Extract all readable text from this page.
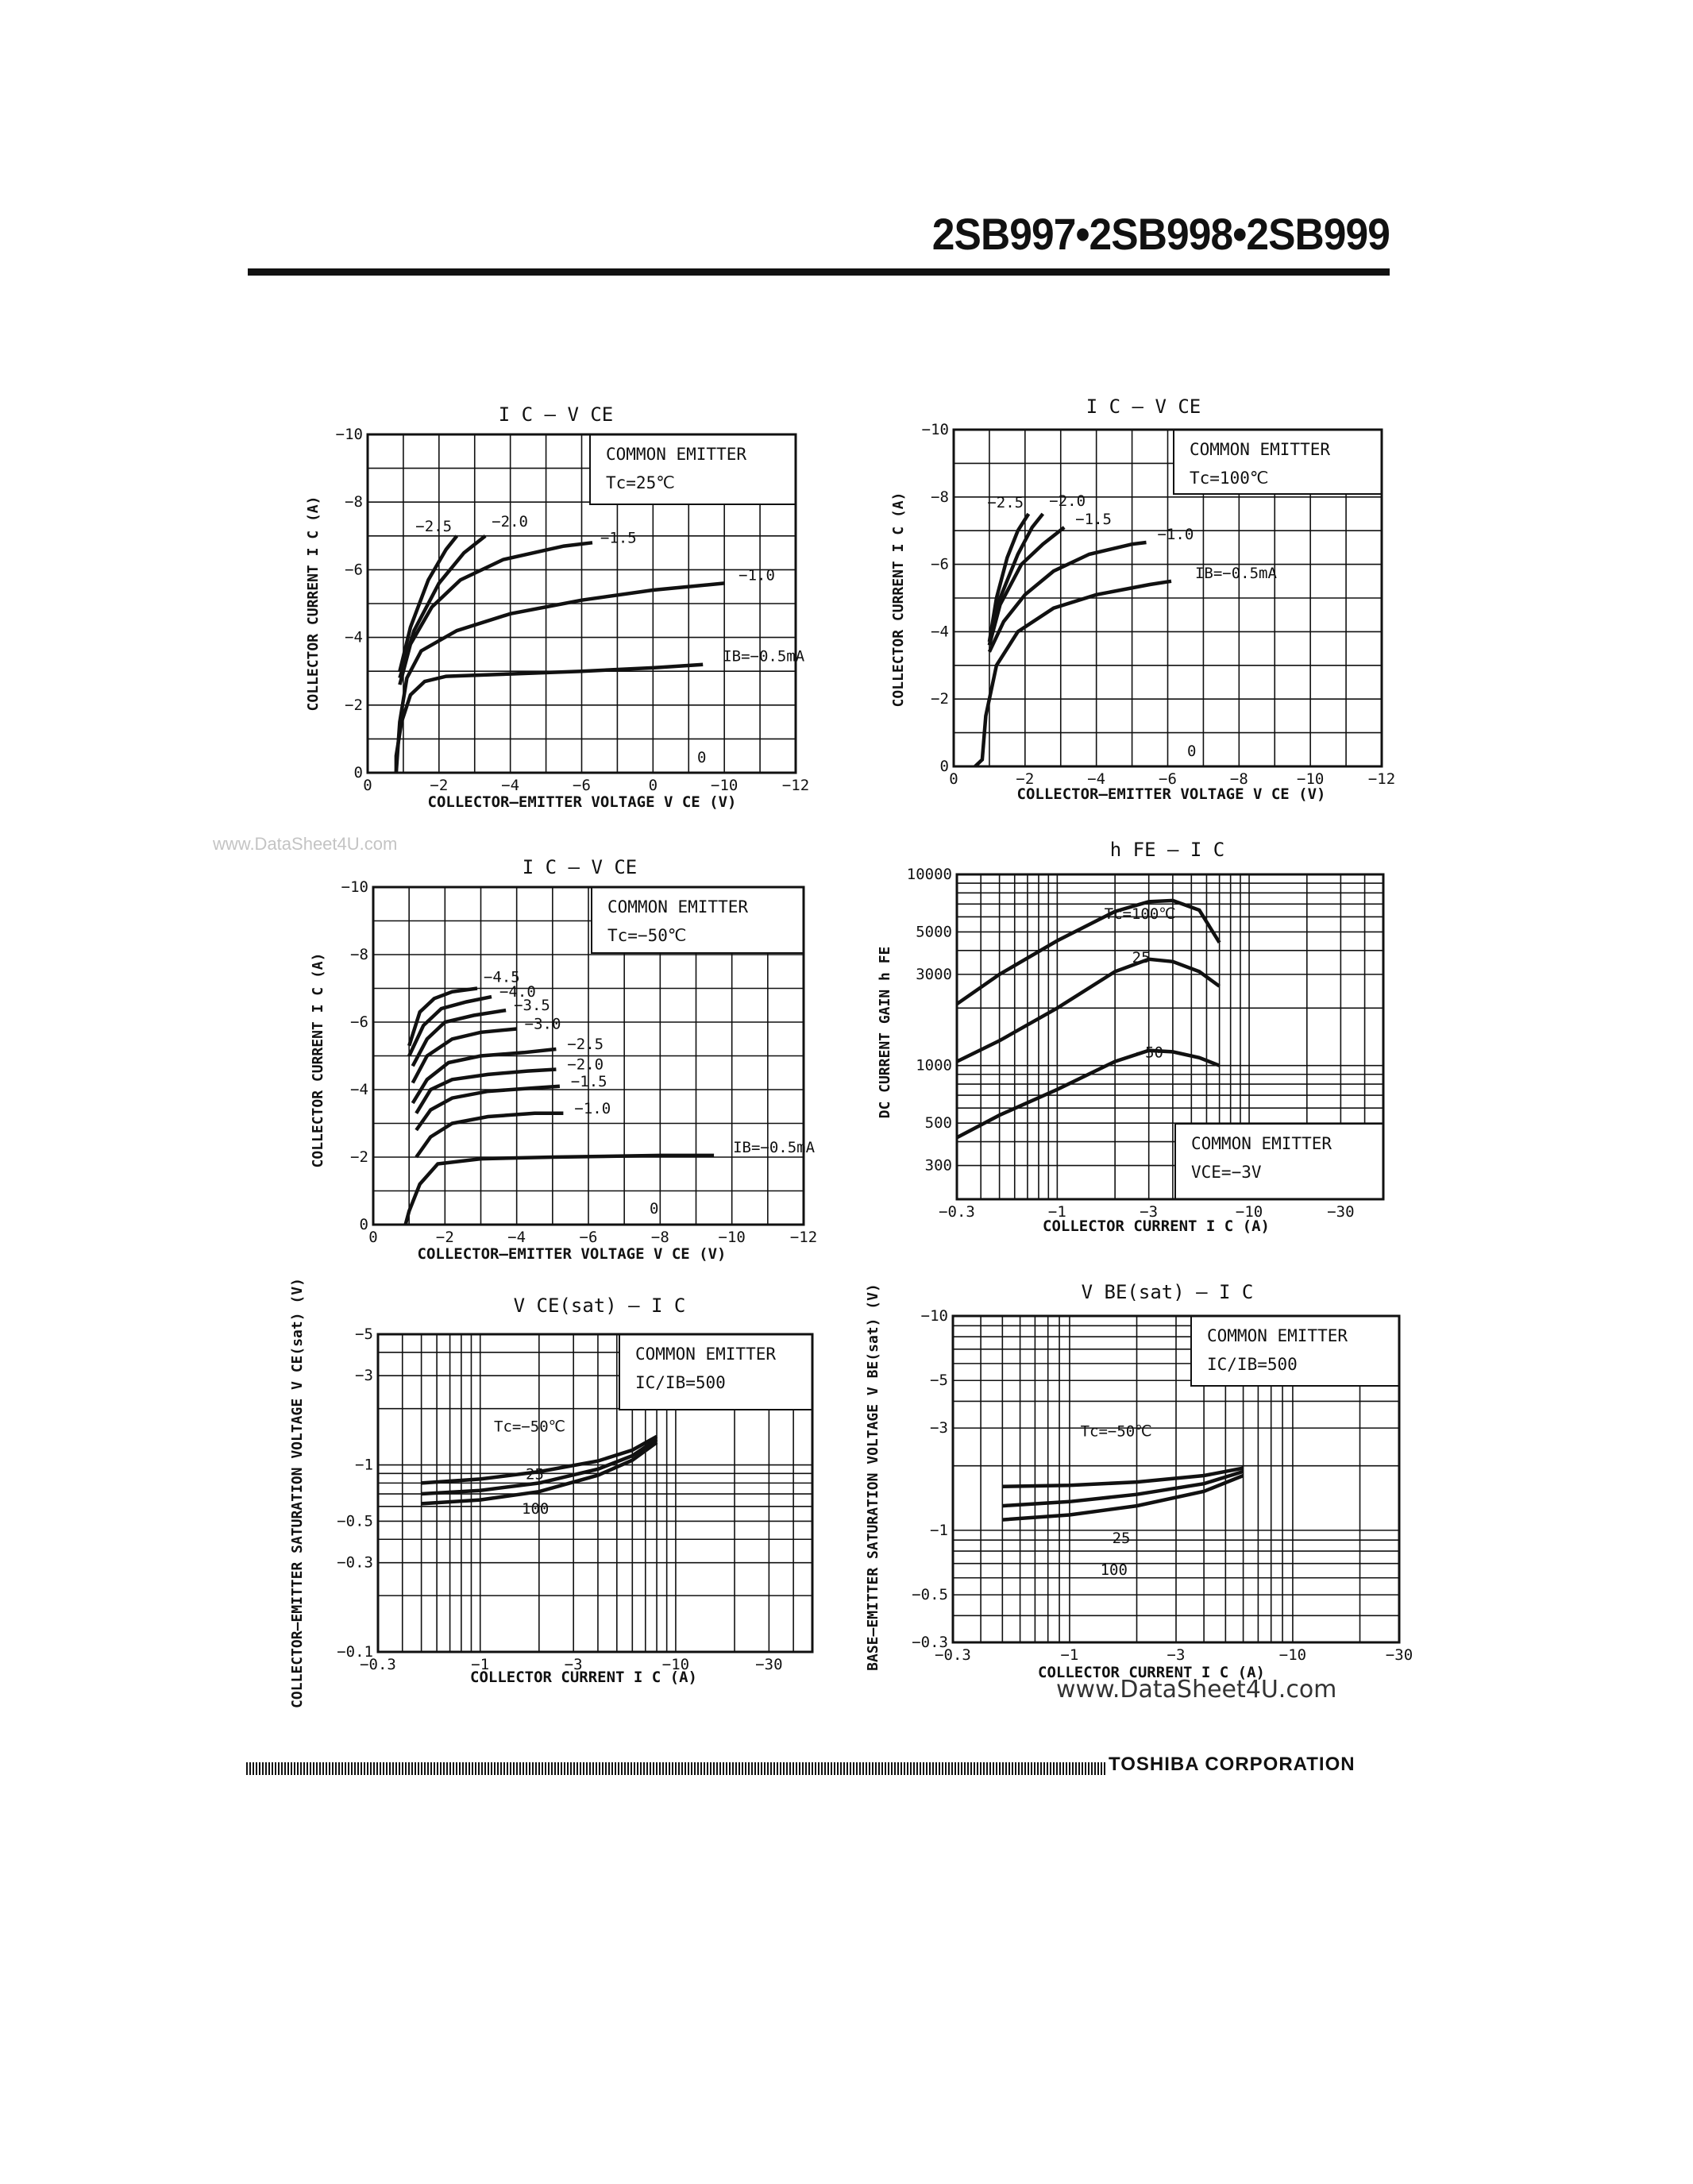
2SB997•2SB998•2SB999
www.DataSheet4U.com
COMMON EMITTER
Tc=25℃
0	−2	−4	−6	0	−10	−12
0
−2
−4
−6
−8
−10
I C — V CE
COLLECTOR–EMITTER VOLTAGE V CE (V)
COLLECTOR CURRENT I C (A)	IB=−0.5mA
−1.0
−1.5
−2.0
−2.5
0
COMMON EMITTER
Tc=100℃
0	−2	−4	−6	−8	−10	−12
0
−2
−4
−6
−8
−10
I C — V CE
COLLECTOR–EMITTER VOLTAGE V CE (V)
COLLECTOR CURRENT I C (A)	IB=−0.5mA
−1.0
−1.5
−2.0
−2.5
0
COMMON EMITTER
Tc=−50℃
0	−2	−4	−6	−8	−10	−12
0
−2
−4
−6
−8
−10
I C — V CE
COLLECTOR–EMITTER VOLTAGE V CE (V)
COLLECTOR CURRENT I C (A)	IB=−0.5mA
−1.0
−1.5
−2.0
−2.5
−3.0
−3.5
−4.0
−4.5
0
COMMON EMITTER
VCE=−3V
−0.3	−1	−3	−10	−30
300
500
1000
3000
5000
10000
h FE — I C
COLLECTOR CURRENT I C (A)
DC CURRENT GAIN h FE
Tc=100℃
25
−50
COMMON EMITTER
IC/IB=500
−0.3	−1	−3	−10	−30
−0.1
−0.3
−0.5
−1
−3
−5
V CE(sat) — I C
COLLECTOR CURRENT I C (A)
COLLECTOR–EMITTER SATURATION VOLTAGE V CE(sat) (V)	Tc=−50℃
25
100
COMMON EMITTER
IC/IB=500
−0.3	−1	−3	−10	−30
−0.3
−0.5
−1
−3
−5
−10
V BE(sat) — I C
COLLECTOR CURRENT I C (A)
BASE–EMITTER SATURATION VOLTAGE V BE(sat) (V)	Tc=−50℃
25
100
www.DataSheet4U.com
TOSHIBA CORPORATION
